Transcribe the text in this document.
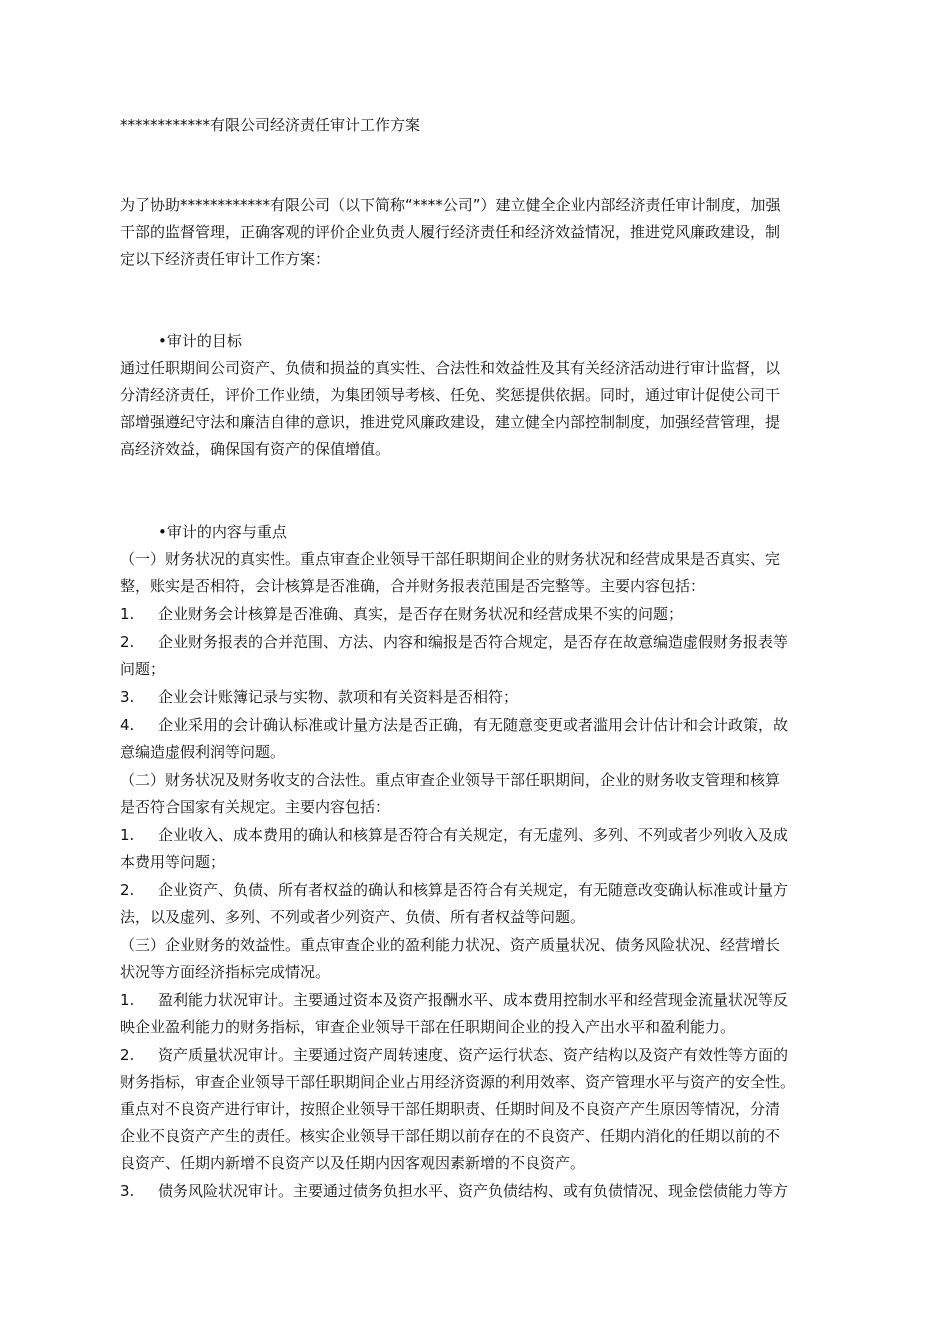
************有限公司经济责任审计工作方案
为了协助************有限公司（以下简称“****公司”）建立健全企业内部经济责任审计制度，加强
干部的监督管理，正确客观的评价企业负责人履行经济责任和经济效益情况，推进党风廉政建设，制
定以下经济责任审计工作方案：
•审计的目标
通过任职期间公司资产、负债和损益的真实性、合法性和效益性及其有关经济活动进行审计监督，以
分清经济责任，评价工作业绩，为集团领导考核、任免、奖惩提供依据。同时，通过审计促使公司干
部增强遵纪守法和廉洁自律的意识，推进党风廉政建设，建立健全内部控制制度，加强经营管理，提
高经济效益，确保国有资产的保值增值。
•审计的内容与重点
（一）财务状况的真实性。重点审查企业领导干部任职期间企业的财务状况和经营成果是否真实、完
整，账实是否相符，会计核算是否准确，合并财务报表范围是否完整等。主要内容包括：
1. 企业财务会计核算是否准确、真实，是否存在财务状况和经营成果不实的问题；
2. 企业财务报表的合并范围、方法、内容和编报是否符合规定，是否存在故意编造虚假财务报表等
问题；
3. 企业会计账簿记录与实物、款项和有关资料是否相符；
4. 企业采用的会计确认标准或计量方法是否正确，有无随意变更或者滥用会计估计和会计政策，故
意编造虚假利润等问题。
（二）财务状况及财务收支的合法性。重点审查企业领导干部任职期间，企业的财务收支管理和核算
是否符合国家有关规定。主要内容包括：
1. 企业收入、成本费用的确认和核算是否符合有关规定，有无虚列、多列、不列或者少列收入及成
本费用等问题；
2. 企业资产、负债、所有者权益的确认和核算是否符合有关规定，有无随意改变确认标准或计量方
法，以及虚列、多列、不列或者少列资产、负债、所有者权益等问题。
（三）企业财务的效益性。重点审查企业的盈利能力状况、资产质量状况、债务风险状况、经营增长
状况等方面经济指标完成情况。
1. 盈利能力状况审计。主要通过资本及资产报酬水平、成本费用控制水平和经营现金流量状况等反
映企业盈利能力的财务指标，审查企业领导干部在任职期间企业的投入产出水平和盈利能力。
2. 资产质量状况审计。主要通过资产周转速度、资产运行状态、资产结构以及资产有效性等方面的
财务指标，审查企业领导干部任职期间企业占用经济资源的利用效率、资产管理水平与资产的安全性。
重点对不良资产进行审计，按照企业领导干部任期职责、任期时间及不良资产产生原因等情况，分清
企业不良资产产生的责任。核实企业领导干部任期以前存在的不良资产、任期内消化的任期以前的不
良资产、任期内新增不良资产以及任期内因客观因素新增的不良资产。
3. 债务风险状况审计。主要通过债务负担水平、资产负债结构、或有负债情况、现金偿债能力等方
